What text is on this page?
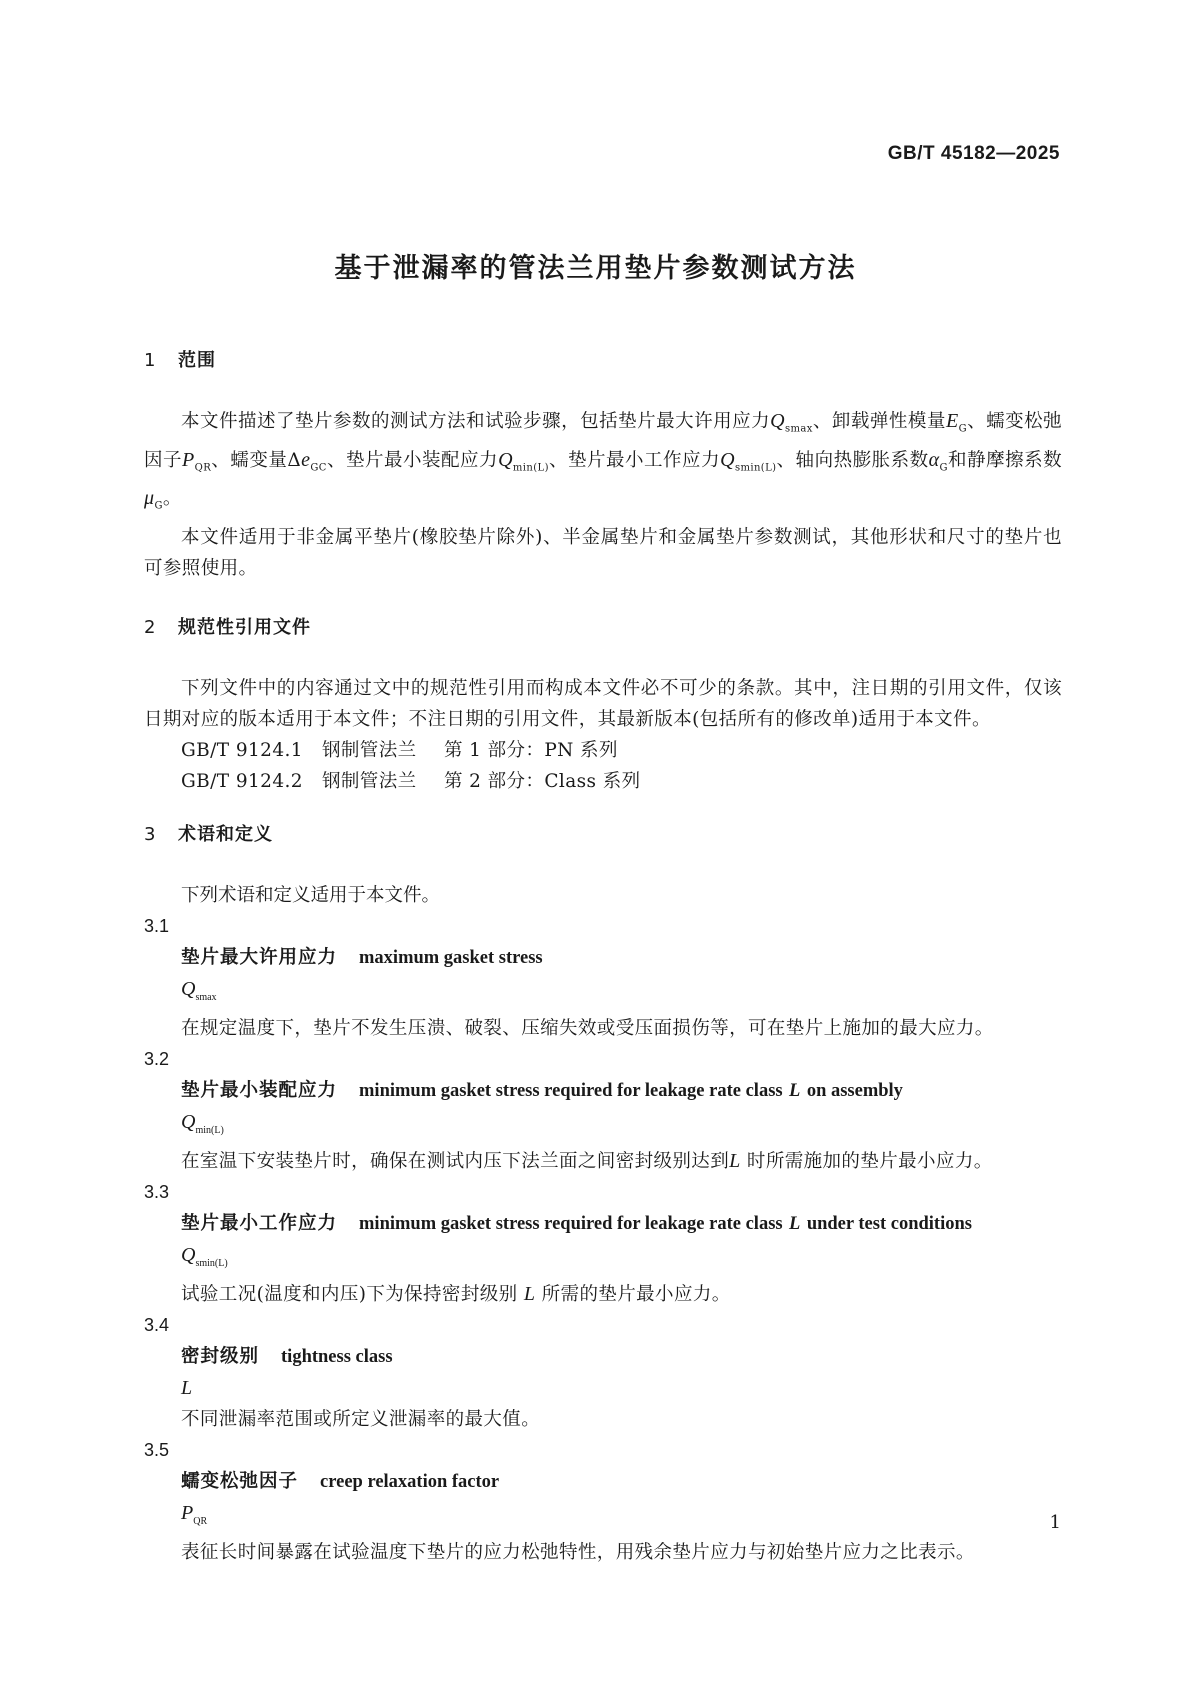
GB/T 45182—2025
基于泄漏率的管法兰用垫片参数测试方法
1 范围
本文件描述了垫片参数的测试方法和试验步骤，包括垫片最大许用应力$Q_{smax}$、卸载弹性模量$E_G$、蠕变松弛因子$P_{QR}$、蠕变量$\Delta e_{GC}$、垫片最小装配应力$Q_{min(L)}$、垫片最小工作应力$Q_{smin(L)}$、轴向热膨胀系数$\alpha_G$和静摩擦系数$\mu_G$。
本文件适用于非金属平垫片(橡胶垫片除外)、半金属垫片和金属垫片参数测试，其他形状和尺寸的垫片也可参照使用。
2 规范性引用文件
下列文件中的内容通过文中的规范性引用而构成本文件必不可少的条款。其中，注日期的引用文件，仅该日期对应的版本适用于本文件；不注日期的引用文件，其最新版本(包括所有的修改单)适用于本文件。
GB/T 9124.1 钢制管法兰 第 1 部分：PN 系列
GB/T 9124.2 钢制管法兰 第 2 部分：Class 系列
3 术语和定义
下列术语和定义适用于本文件。
3.1
垫片最大许用应力 maximum gasket stress
$Q_{smax}$
在规定温度下，垫片不发生压溃、破裂、压缩失效或受压面损伤等，可在垫片上施加的最大应力。
3.2
垫片最小装配应力 minimum gasket stress required for leakage rate class L on assembly
$Q_{min(L)}$
在室温下安装垫片时，确保在测试内压下法兰面之间密封级别达到L 时所需施加的垫片最小应力。
3.3
垫片最小工作应力 minimum gasket stress required for leakage rate class L under test conditions
$Q_{smin(L)}$
试验工况(温度和内压)下为保持密封级别 L 所需的垫片最小应力。
3.4
密封级别 tightness class
L
不同泄漏率范围或所定义泄漏率的最大值。
3.5
蠕变松弛因子 creep relaxation factor
$P_{QR}$
表征长时间暴露在试验温度下垫片的应力松弛特性，用残余垫片应力与初始垫片应力之比表示。
1
